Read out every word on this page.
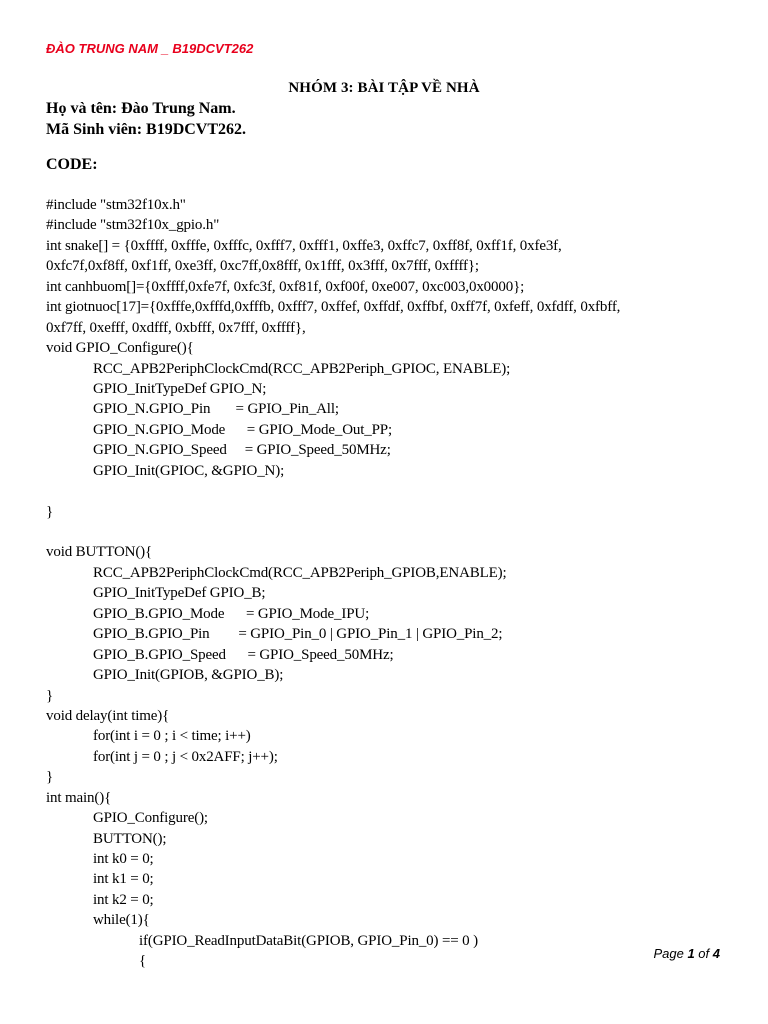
ĐÀO TRUNG NAM _ B19DCVT262
NHÓM 3: BÀI TẬP VỀ NHÀ
Họ và tên: Đào Trung Nam.
Mã Sinh viên: B19DCVT262.
CODE:
#include "stm32f10x.h"
#include "stm32f10x_gpio.h"
int snake[] = {0xffff, 0xfffe, 0xfffc, 0xfff7, 0xfff1, 0xffe3, 0xffc7, 0xff8f, 0xff1f, 0xfe3f,
0xfc7f,0xf8ff, 0xf1ff, 0xe3ff, 0xc7ff,0x8fff, 0x1fff, 0x3fff, 0x7fff, 0xffff};
int canhbuom[]={0xffff,0xfe7f, 0xfc3f, 0xf81f, 0xf00f, 0xe007, 0xc003,0x0000};
int giotnuoc[17]={0xfffe,0xfffd,0xfffb, 0xfff7, 0xffef, 0xffdf, 0xffbf, 0xff7f, 0xfeff, 0xfdff, 0xfbff,
0xf7ff, 0xefff, 0xdfff, 0xbfff, 0x7fff, 0xffff},
void GPIO_Configure(){
RCC_APB2PeriphClockCmd(RCC_APB2Periph_GPIOC, ENABLE);
GPIO_InitTypeDef GPIO_N;
GPIO_N.GPIO_Pin       = GPIO_Pin_All;
GPIO_N.GPIO_Mode      = GPIO_Mode_Out_PP;
GPIO_N.GPIO_Speed     = GPIO_Speed_50MHz;
GPIO_Init(GPIOC, &GPIO_N);
}
void BUTTON(){
RCC_APB2PeriphClockCmd(RCC_APB2Periph_GPIOB,ENABLE);
GPIO_InitTypeDef GPIO_B;
GPIO_B.GPIO_Mode      = GPIO_Mode_IPU;
GPIO_B.GPIO_Pin        = GPIO_Pin_0 | GPIO_Pin_1 | GPIO_Pin_2;
GPIO_B.GPIO_Speed      = GPIO_Speed_50MHz;
GPIO_Init(GPIOB, &GPIO_B);
}
void delay(int time){
for(int i = 0 ; i < time; i++)
for(int j = 0 ; j < 0x2AFF; j++);
}
int main(){
GPIO_Configure();
BUTTON();
int k0 = 0;
int k1 = 0;
int k2 = 0;
while(1){
if(GPIO_ReadInputDataBit(GPIOB, GPIO_Pin_0) == 0 )
{	Page 1 of 4
